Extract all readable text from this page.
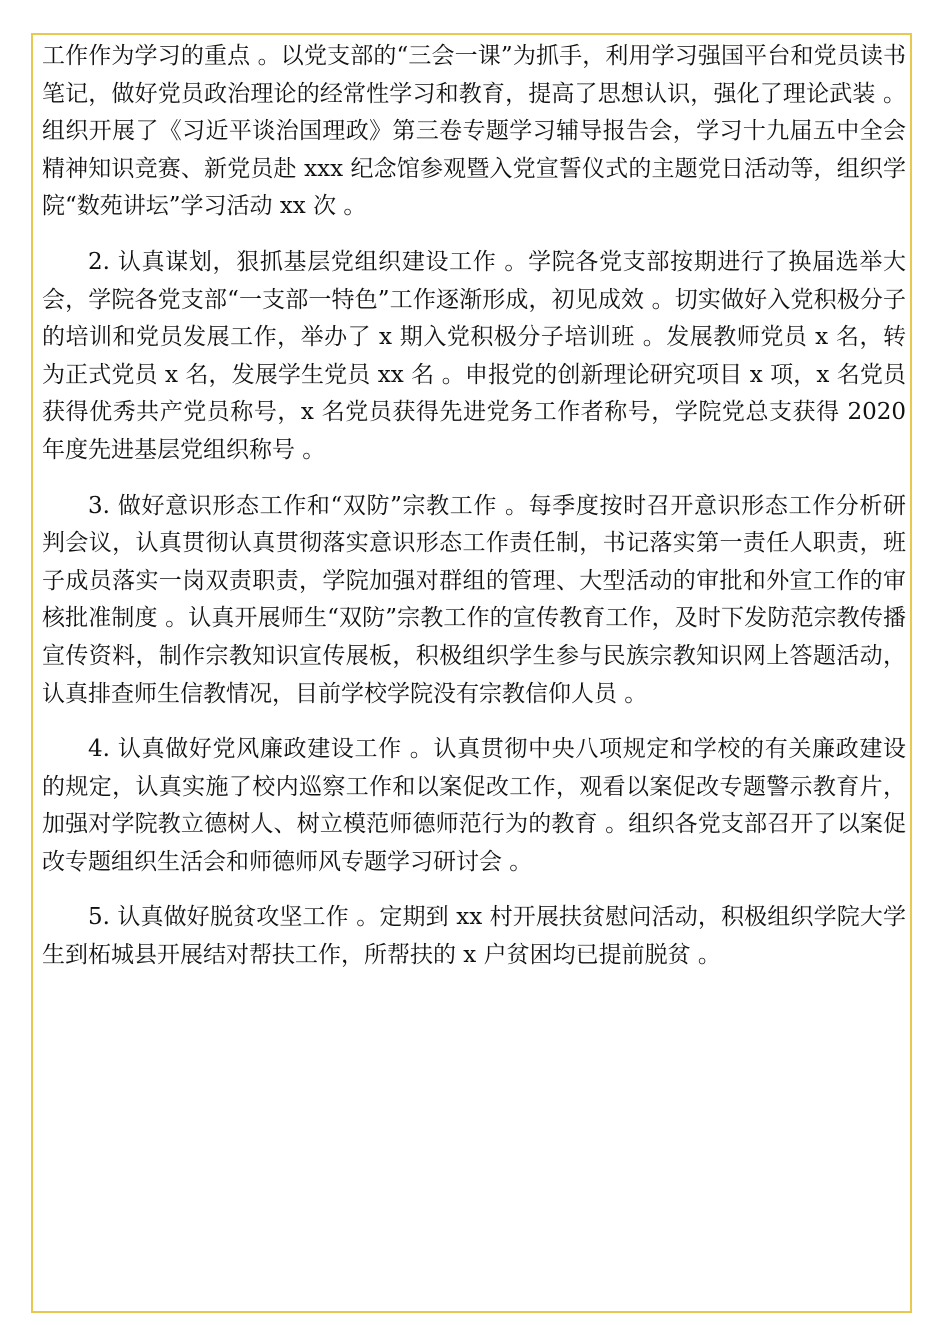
工作作为学习的重点 。以党支部的“三会一课”为抓手，利用学习强国平台和党员读书笔记，做好党员政治理论的经常性学习和教育，提高了思想认识，强化了理论武装 。组织开展了《习近平谈治国理政》第三卷专题学习辅导报告会，学习十九届五中全会精神知识竞赛、新党员赴 xxx 纪念馆参观暨入党宣誓仪式的主题党日活动等，组织学院“数苑讲坛”学习活动 xx 次 。

2. 认真谋划，狠抓基层党组织建设工作 。学院各党支部按期进行了换届选举大会，学院各党支部“一支部一特色”工作逐渐形成，初见成效 。切实做好入党积极分子的培训和党员发展工作，举办了 x 期入党积极分子培训班 。发展教师党员 x 名，转为正式党员 x 名，发展学生党员 xx 名 。申报党的创新理论研究项目 x 项，x 名党员获得优秀共产党员称号，x 名党员获得先进党务工作者称号，学院党总支获得 2020 年度先进基层党组织称号 。

3. 做好意识形态工作和“双防”宗教工作 。每季度按时召开意识形态工作分析研判会议，认真贯彻认真贯彻落实意识形态工作责任制，书记落实第一责任人职责，班子成员落实一岗双责职责，学院加强对群组的管理、大型活动的审批和外宣工作的审核批准制度 。认真开展师生“双防”宗教工作的宣传教育工作，及时下发防范宗教传播宣传资料，制作宗教知识宣传展板，积极组织学生参与民族宗教知识网上答题活动，认真排查师生信教情况，目前学校学院没有宗教信仰人员 。

4. 认真做好党风廉政建设工作 。认真贯彻中央八项规定和学校的有关廉政建设的规定，认真实施了校内巡察工作和以案促改工作，观看以案促改专题警示教育片，加强对学院教立德树人、树立模范师德师范行为的教育 。组织各党支部召开了以案促改专题组织生活会和师德师风专题学习研讨会 。

5. 认真做好脱贫攻坚工作 。定期到 xx 村开展扶贫慰问活动，积极组织学院大学生到柘城县开展结对帮扶工作，所帮扶的 x 户贫困均已提前脱贫 。
